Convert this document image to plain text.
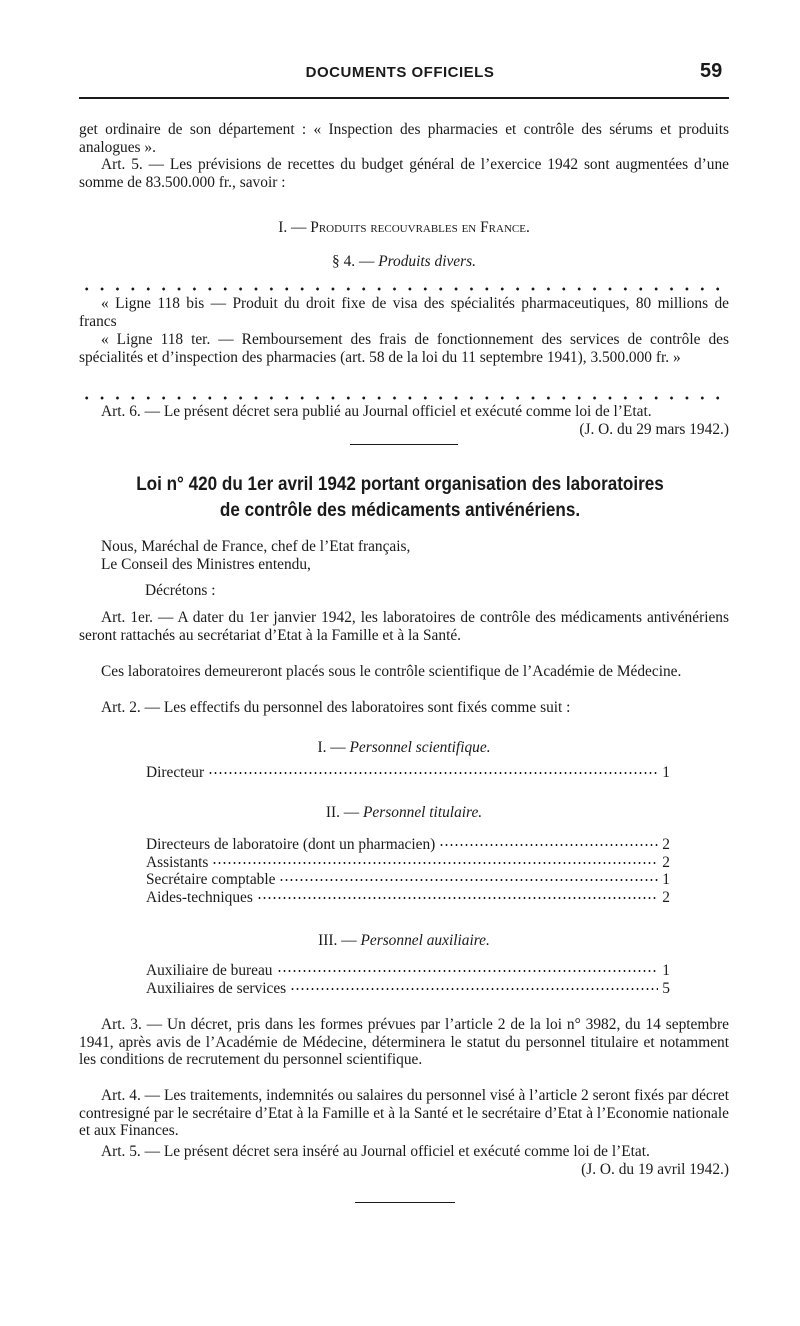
DOCUMENTS OFFICIELS	59
get ordinaire de son département : « Inspection des pharmacies et contrôle des sérums et produits analogues ».
Art. 5. — Les prévisions de recettes du budget général de l’exercice 1942 sont augmentées d’une somme de 83.500.000 fr., savoir :
I. — Produits recouvrables en France.
§ 4. — Produits divers.
« Ligne 118 bis — Produit du droit fixe de visa des spécialités pharmaceutiques, 80 millions de francs
« Ligne 118 ter. — Remboursement des frais de fonctionnement des services de contrôle des spécialités et d’inspection des pharmacies (art. 58 de la loi du 11 septembre 1941), 3.500.000 fr. »
Art. 6. — Le présent décret sera publié au Journal officiel et exécuté comme loi de l’Etat.
(J. O. du 29 mars 1942.)
Loi n° 420 du 1er avril 1942 portant organisation des laboratoires
de contrôle des médicaments antivénériens.
Nous, Maréchal de France, chef de l’Etat français,
Le Conseil des Ministres entendu,
Décrétons :
Art. 1er. — A dater du 1er janvier 1942, les laboratoires de contrôle des médicaments antivénériens seront rattachés au secrétariat d’Etat à la Famille et à la Santé.
Ces laboratoires demeureront placés sous le contrôle scientifique de l’Académie de Médecine.
Art. 2. — Les effectifs du personnel des laboratoires sont fixés comme suit :
I. — Personnel scientifique.
Directeur	1
II. — Personnel titulaire.
Directeurs de laboratoire (dont un pharmacien)	2
Assistants	2
Secrétaire comptable	1
Aides-techniques	2
III. — Personnel auxiliaire.
Auxiliaire de bureau	1
Auxiliaires de services	5
Art. 3. — Un décret, pris dans les formes prévues par l’article 2 de la loi n° 3982, du 14 septembre 1941, après avis de l’Académie de Médecine, déterminera le statut du personnel titulaire et notamment les conditions de recrutement du personnel scientifique.
Art. 4. — Les traitements, indemnités ou salaires du personnel visé à l’article 2 seront fixés par décret contresigné par le secrétaire d’Etat à la Famille et à la Santé et le secrétaire d’Etat à l’Economie nationale et aux Finances.
Art. 5. — Le présent décret sera inséré au Journal officiel et exécuté comme loi de l’Etat.
(J. O. du 19 avril 1942.)
